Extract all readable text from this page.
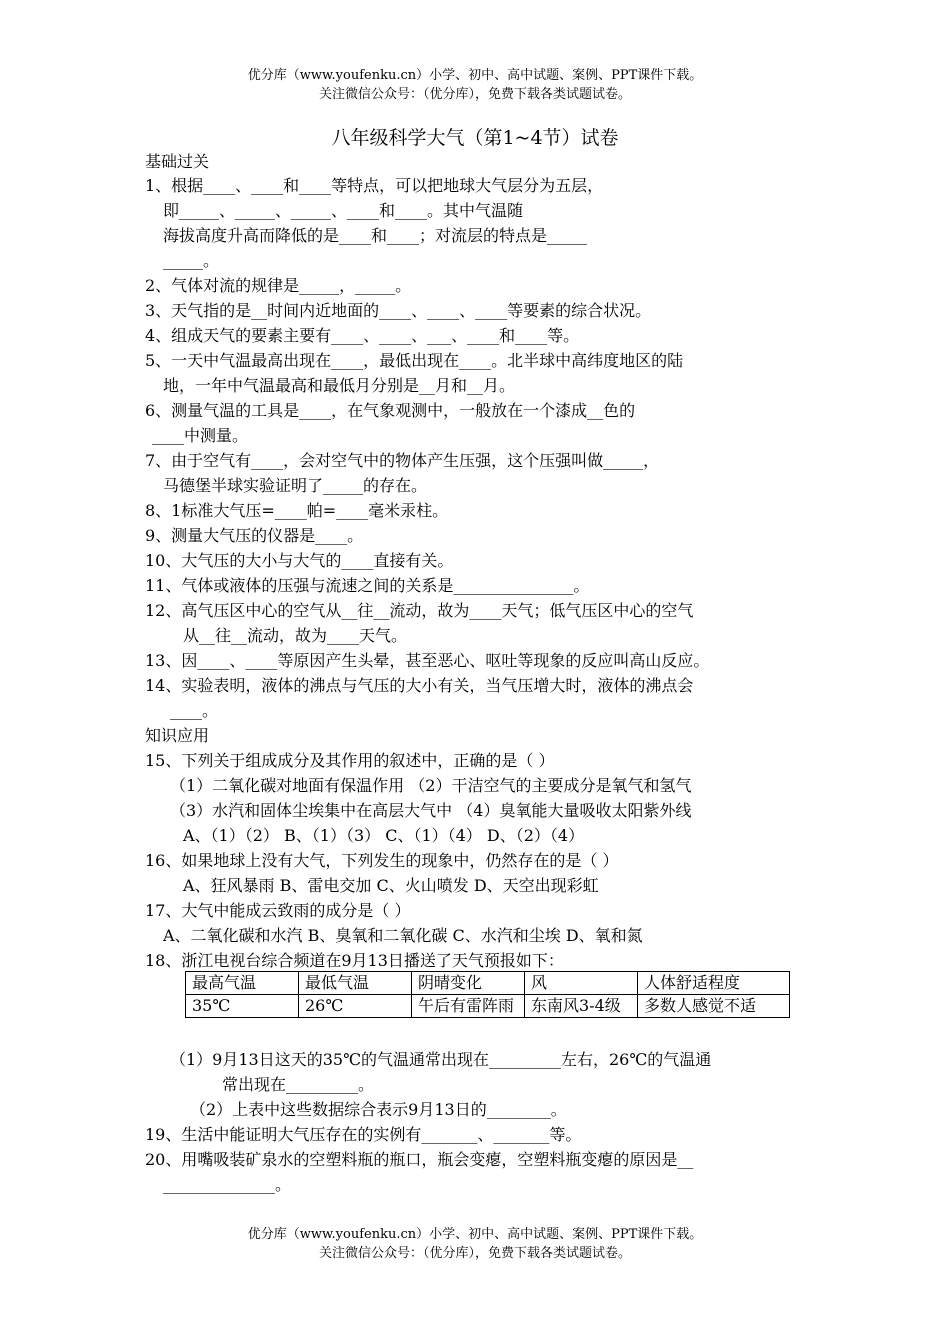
优分库（www.youfenku.cn）小学、初中、高中试题、案例、PPT课件下载。
关注微信公众号：（优分库），免费下载各类试题试卷。
八年级科学大气（第1~4节）试卷
基础过关
1、根据____、____和____等特点，可以把地球大气层分为五层，
即_____、_____、_____、____和____。其中气温随
海拔高度升高而降低的是____和____；对流层的特点是_____
_____。
2、气体对流的规律是_____，_____。
3、天气指的是__时间内近地面的____、____、____等要素的综合状况。
4、组成天气的要素主要有____、____、___、____和____等。
5、一天中气温最高出现在____，最低出现在____。北半球中高纬度地区的陆
地，一年中气温最高和最低月分别是__月和__月。
6、测量气温的工具是____，在气象观测中，一般放在一个漆成__色的
____中测量。
7、由于空气有____，会对空气中的物体产生压强，这个压强叫做_____，
马德堡半球实验证明了_____的存在。
8、1标准大气压=____帕=____毫米汞柱。
9、测量大气压的仪器是____。
10、大气压的大小与大气的____直接有关。
11、气体或液体的压强与流速之间的关系是_______________。
12、高气压区中心的空气从__往__流动，故为____天气；低气压区中心的空气
从__往__流动，故为____天气。
13、因____、____等原因产生头晕，甚至恶心、呕吐等现象的反应叫高山反应。
14、实验表明，液体的沸点与气压的大小有关，当气压增大时，液体的沸点会
____。
知识应用
15、下列关于组成成分及其作用的叙述中，正确的是（ ）
（1）二氧化碳对地面有保温作用 （2）干洁空气的主要成分是氧气和氢气
（3）水汽和固体尘埃集中在高层大气中 （4）臭氧能大量吸收太阳紫外线
A、（1）（2） B、（1）（3） C、（1）（4） D、（2）（4）
16、如果地球上没有大气，下列发生的现象中，仍然存在的是（ ）
A、狂风暴雨 B、雷电交加 C、火山喷发 D、天空出现彩虹
17、大气中能成云致雨的成分是（ ）
A、二氧化碳和水汽 B、臭氧和二氧化碳 C、水汽和尘埃 D、氧和氮
18、浙江电视台综合频道在9月13日播送了天气预报如下：
最高气温	最低气温	阴晴变化	风	人体舒适程度
35℃	26℃	午后有雷阵雨	东南风3-4级	多数人感觉不适
（1）9月13日这天的35℃的气温通常出现在_________左右，26℃的气温通
常出现在_________。
（2）上表中这些数据综合表示9月13日的________。
19、生活中能证明大气压存在的实例有_______、_______等。
20、用嘴吸装矿泉水的空塑料瓶的瓶口，瓶会变瘪，空塑料瓶变瘪的原因是__
______________。
优分库（www.youfenku.cn）小学、初中、高中试题、案例、PPT课件下载。
关注微信公众号：（优分库），免费下载各类试题试卷。
